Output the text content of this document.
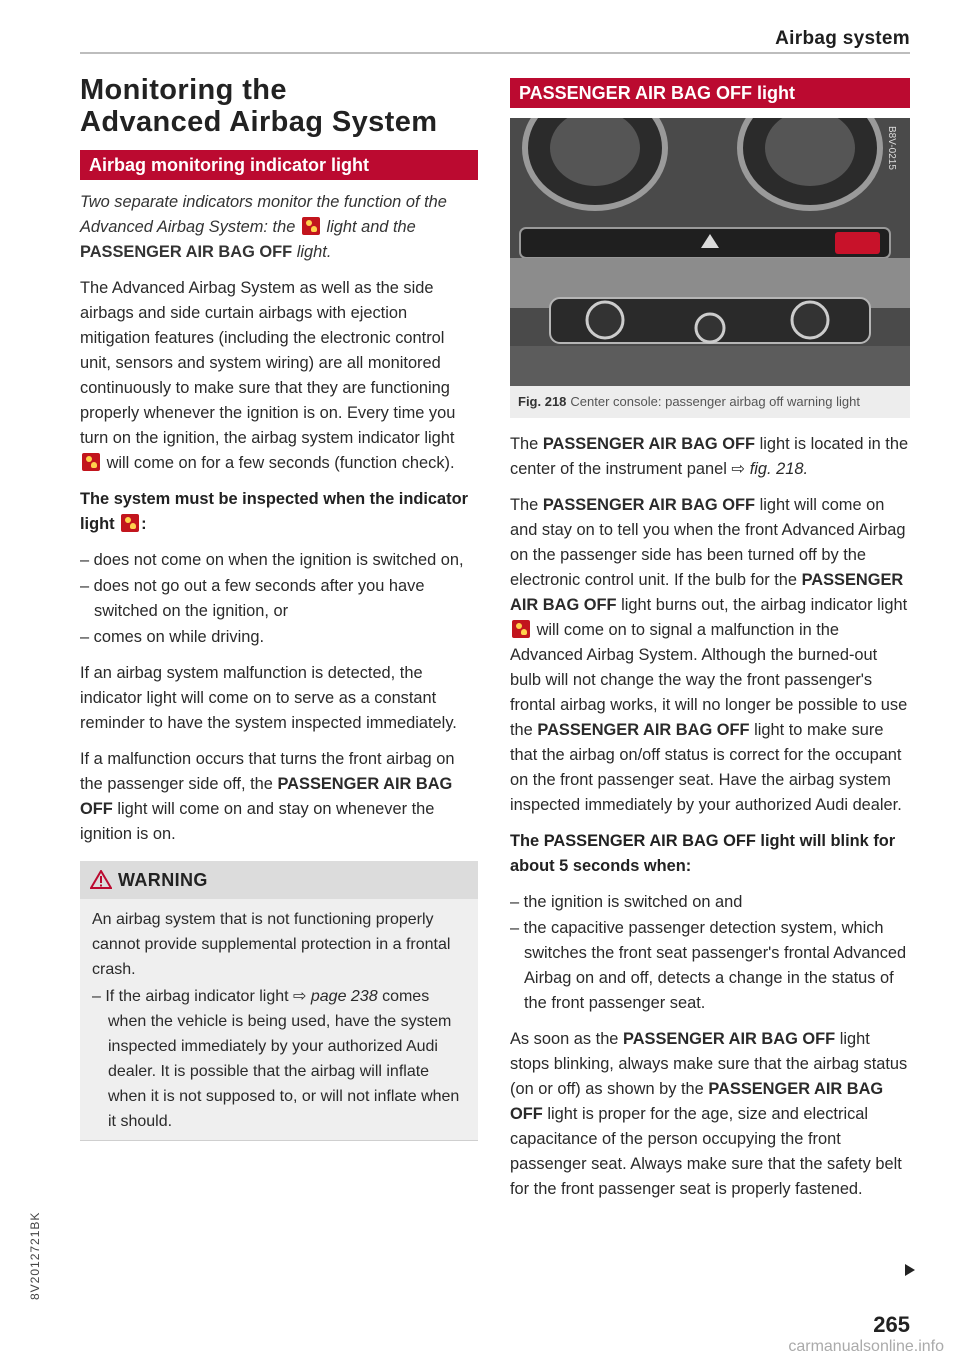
Airbag system
Monitoring the
Advanced Airbag System
Airbag monitoring indicator light

Two separate indicators monitor the function of the Advanced Airbag System: the light and the PASSENGER AIR BAG OFF light.

The Advanced Airbag System as well as the side airbags and side curtain airbags with ejection mitigation features (including the electronic control unit, sensors and system wiring) are all monitored continuously to make sure that they are functioning properly whenever the ignition is on. Every time you turn on the ignition, the airbag system indicator light  will come on for a few seconds (function check).

The system must be inspected when the indicator light :

– does not come on when the ignition is switched on,
– does not go out a few seconds after you have switched on the ignition, or
– comes on while driving.

If an airbag system malfunction is detected, the indicator light will come on to serve as a constant reminder to have the system inspected immediately.

If a malfunction occurs that turns the front airbag on the passenger side off, the PASSENGER AIR BAG OFF light will come on and stay on whenever the ignition is on.

WARNING

An airbag system that is not functioning properly cannot provide supplemental protection in a frontal crash.

– If the airbag indicator light ⇨ page 238 comes when the vehicle is being used, have the system inspected immediately by your authorized Audi dealer. It is possible that the airbag will inflate when it is not supposed to, or will not inflate when it should.
PASSENGER AIR BAG OFF light
B8V-0215
Fig. 218 Center console: passenger airbag off warning light

The PASSENGER AIR BAG OFF light is located in the center of the instrument panel ⇨ fig. 218.

The PASSENGER AIR BAG OFF light will come on and stay on to tell you when the front Advanced Airbag on the passenger side has been turned off by the electronic control unit. If the bulb for the PASSENGER AIR BAG OFF light burns out, the airbag indicator light  will come on to signal a malfunction in the Advanced Airbag System. Although the burned-out bulb will not change the way the front passenger's frontal airbag works, it will no longer be possible to use the PASSENGER AIR BAG OFF light to make sure that the airbag on/off status is correct for the occupant on the front passenger seat. Have the airbag system inspected immediately by your authorized Audi dealer.

The PASSENGER AIR BAG OFF light will blink for about 5 seconds when:

– the ignition is switched on and
– the capacitive passenger detection system, which switches the front seat passenger's frontal Advanced Airbag on and off, detects a change in the status of the front passenger seat.

As soon as the PASSENGER AIR BAG OFF light stops blinking, always make sure that the airbag status (on or off) as shown by the PASSENGER AIR BAG OFF light is proper for the age, size and electrical capacitance of the person occupying the front passenger seat. Always make sure that the safety belt for the front passenger seat is properly fastened.

265
8V2012721BK
carmanualsonline.info
